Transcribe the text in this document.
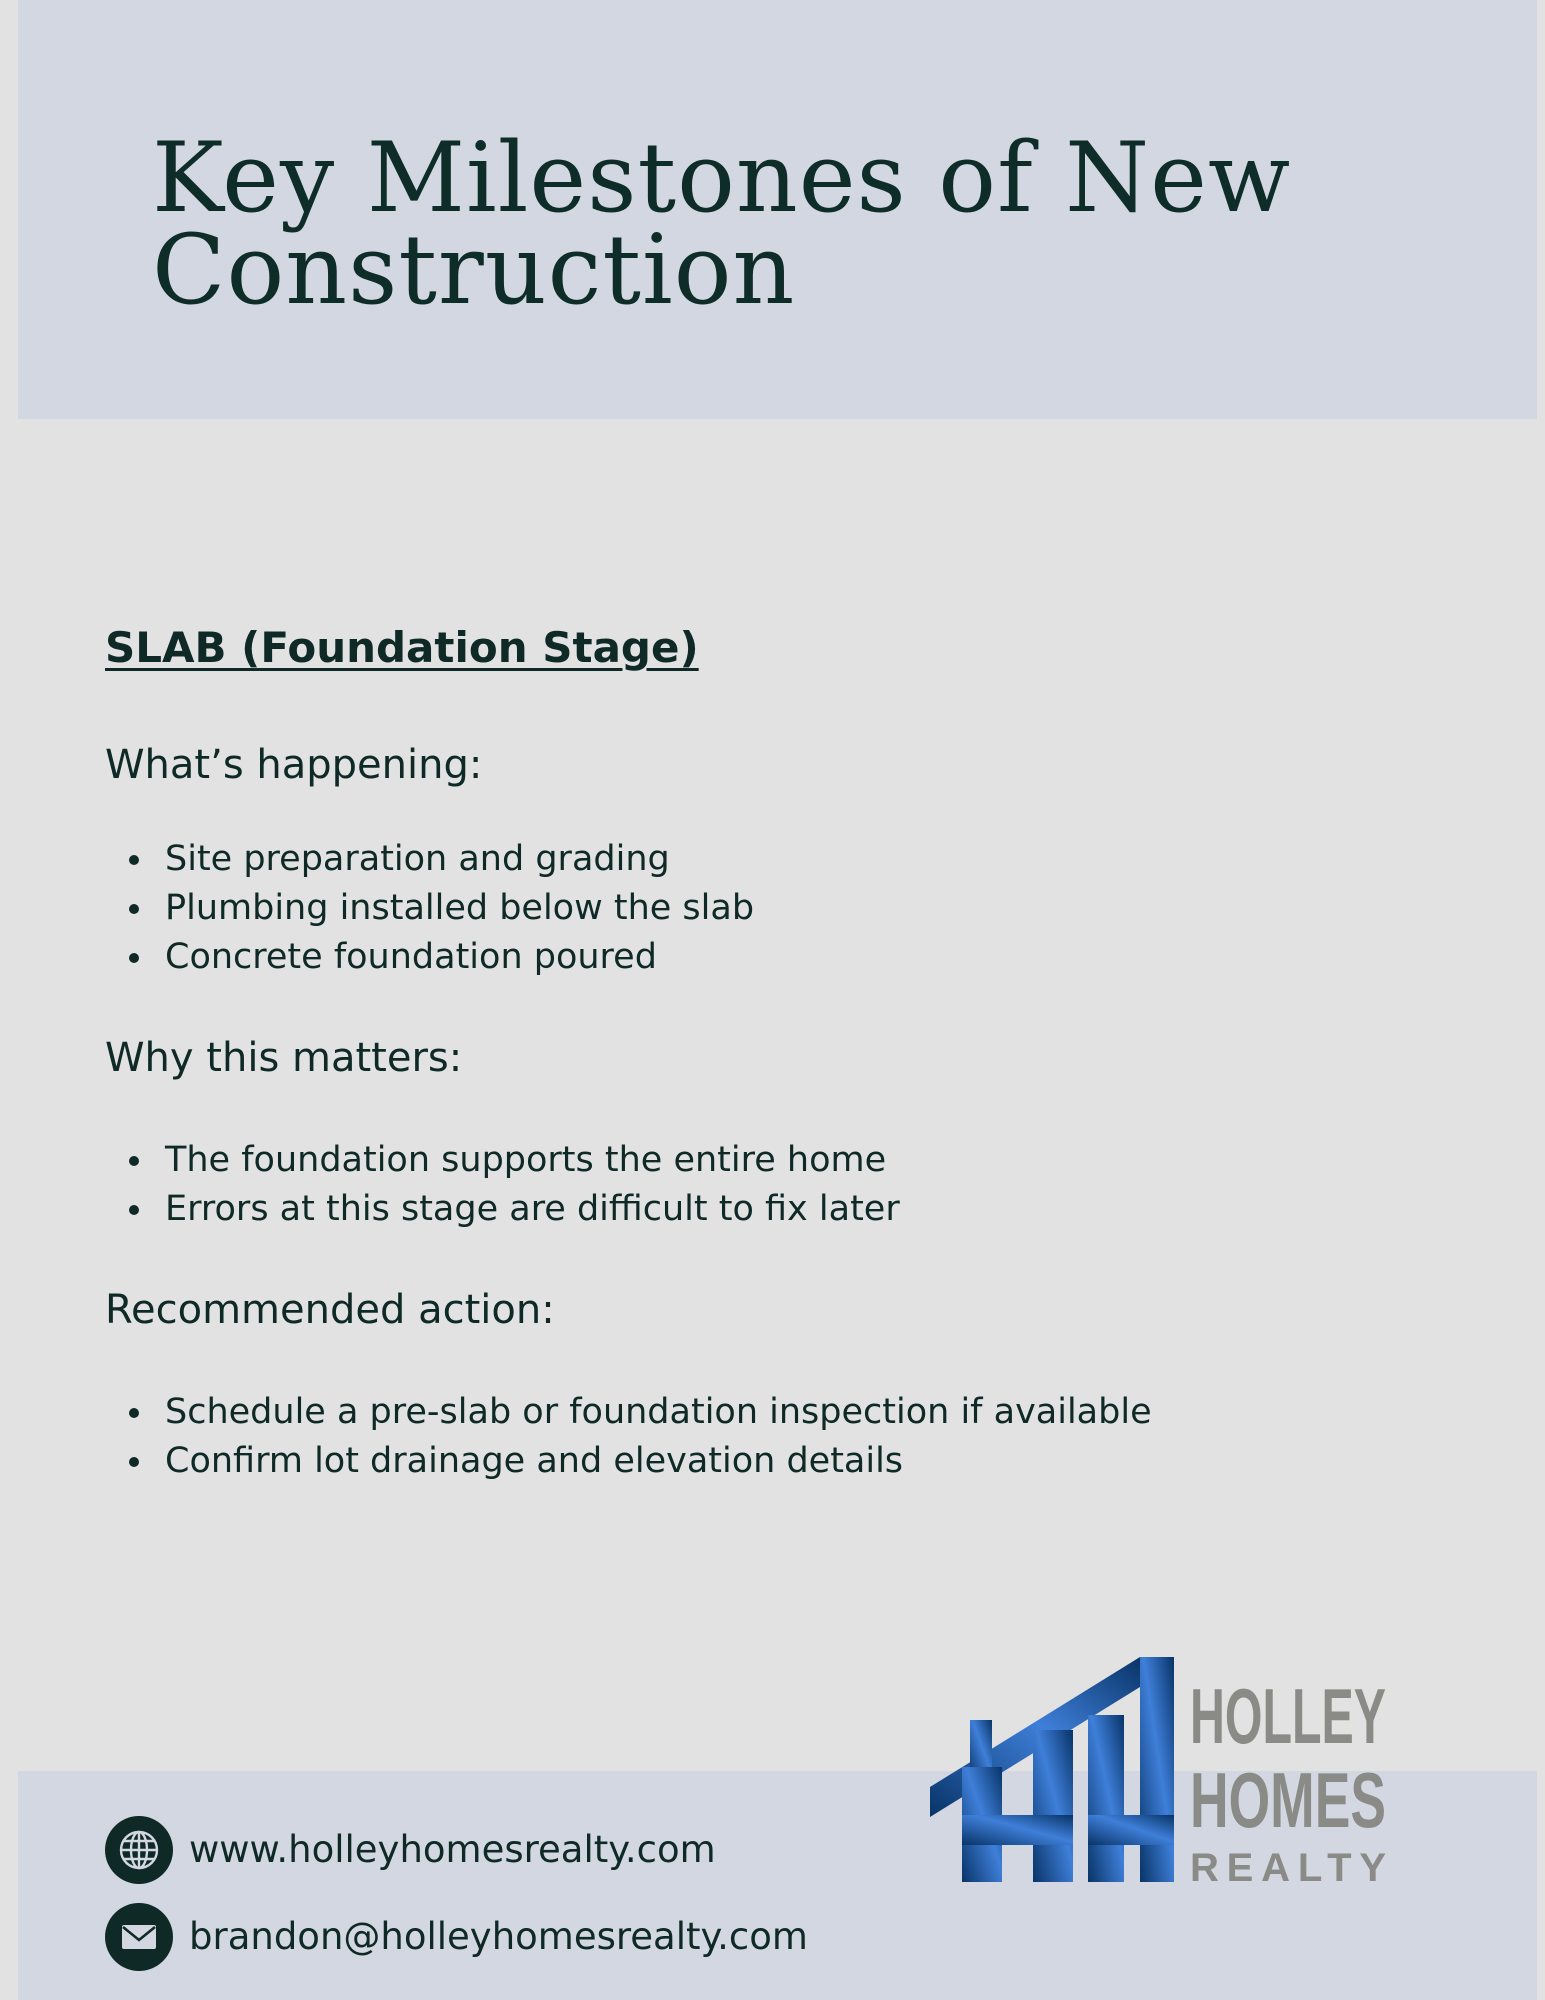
Key Milestones of New Construction
SLAB (Foundation Stage)
What’s happening:
Site preparation and grading
Plumbing installed below the slab
Concrete foundation poured
Why this matters:
The foundation supports the entire home
Errors at this stage are difficult to fix later
Recommended action:
Schedule a pre-slab or foundation inspection if available
Confirm lot drainage and elevation details
www.holleyhomesrealty.com
brandon@holleyhomesrealty.com
HOLLEY
HOMES
REALTY
